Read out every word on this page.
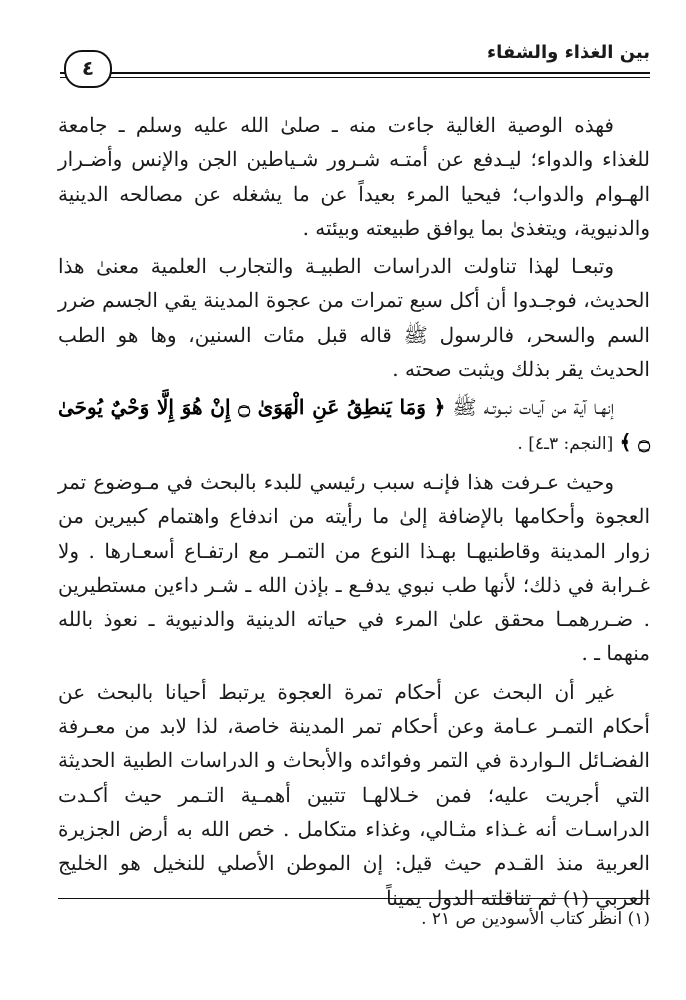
بين الغذاء والشفاء
٤

فهذه الوصية الغالية جاءت منه ـ صلىٰ الله عليه وسلم ـ جامعة للغذاء والدواء؛ ليـدفع عن أمتـه شـرور شـياطين الجن والإنس وأضـرار الهـوام والدواب؛ فيحيا المرء بعيداً عن ما يشغله عن مصالحه الدينية والدنيوية، ويتغذىٰ بما يوافق طبيعته وبيئته .

وتبعـا لهذا تناولت الدراسات الطبيـة والتجارب العلمية معنىٰ هذا الحديث، فوجـدوا أن أكل سبع تمرات من عجوة المدينة يقي الجسم ضرر السم والسحر، فالرسول ﷺ قاله قبل مئات السنين، وها هو الطب الحديث يقر بذلك ويثبت صحته .

إنهـا آية من آيـات نبـوتـه ﷺ ﴿ وَمَا يَنطِقُ عَنِ الْهَوَىٰ ۝ إِنْ هُوَ إِلَّا وَحْيٌ يُوحَىٰ ۝ ﴾ [النجم: ٣ـ٤] .

وحيث عـرفت هذا فإنـه سبب رئيسي للبدء بالبحث في مـوضوع تمر العجوة وأحكامها بالإضافة إلىٰ ما رأيته من اندفاع واهتمام كبيرين من زوار المدينة وقاطنيهـا بهـذا النوع من التمـر مع ارتفـاع أسعـارها . ولا غـرابة في ذلك؛ لأنها طب نبوي يدفـع ـ بإذن الله ـ شـر داءين مستطيرين . ضـررهمـا محقق علىٰ المرء في حياته الدينية والدنيوية ـ نعوذ بالله منهما ـ .

غير أن البحث عن أحكام تمرة العجوة يرتبط أحيانا بالبحث عن أحكام التمـر عـامة وعن أحكام تمر المدينة خاصة، لذا لابد من معـرفة الفضـائل الـواردة في التمر وفوائده والأبحاث و الدراسات الطبية الحديثة التي أجريت عليه؛ فمن خـلالهـا تتبين أهمـية التـمر حيث أكـدت الدراسـات أنه غـذاء مثـالي، وغذاء متكامل . خص الله به أرض الجزيرة العربية منذ القـدم حيث قيل: إن الموطن الأصلي للنخيل هو الخليج العربي (١) ثم تناقلته الدول يميناً

(١) انظر كتاب الأسودين ص ٢١ .
